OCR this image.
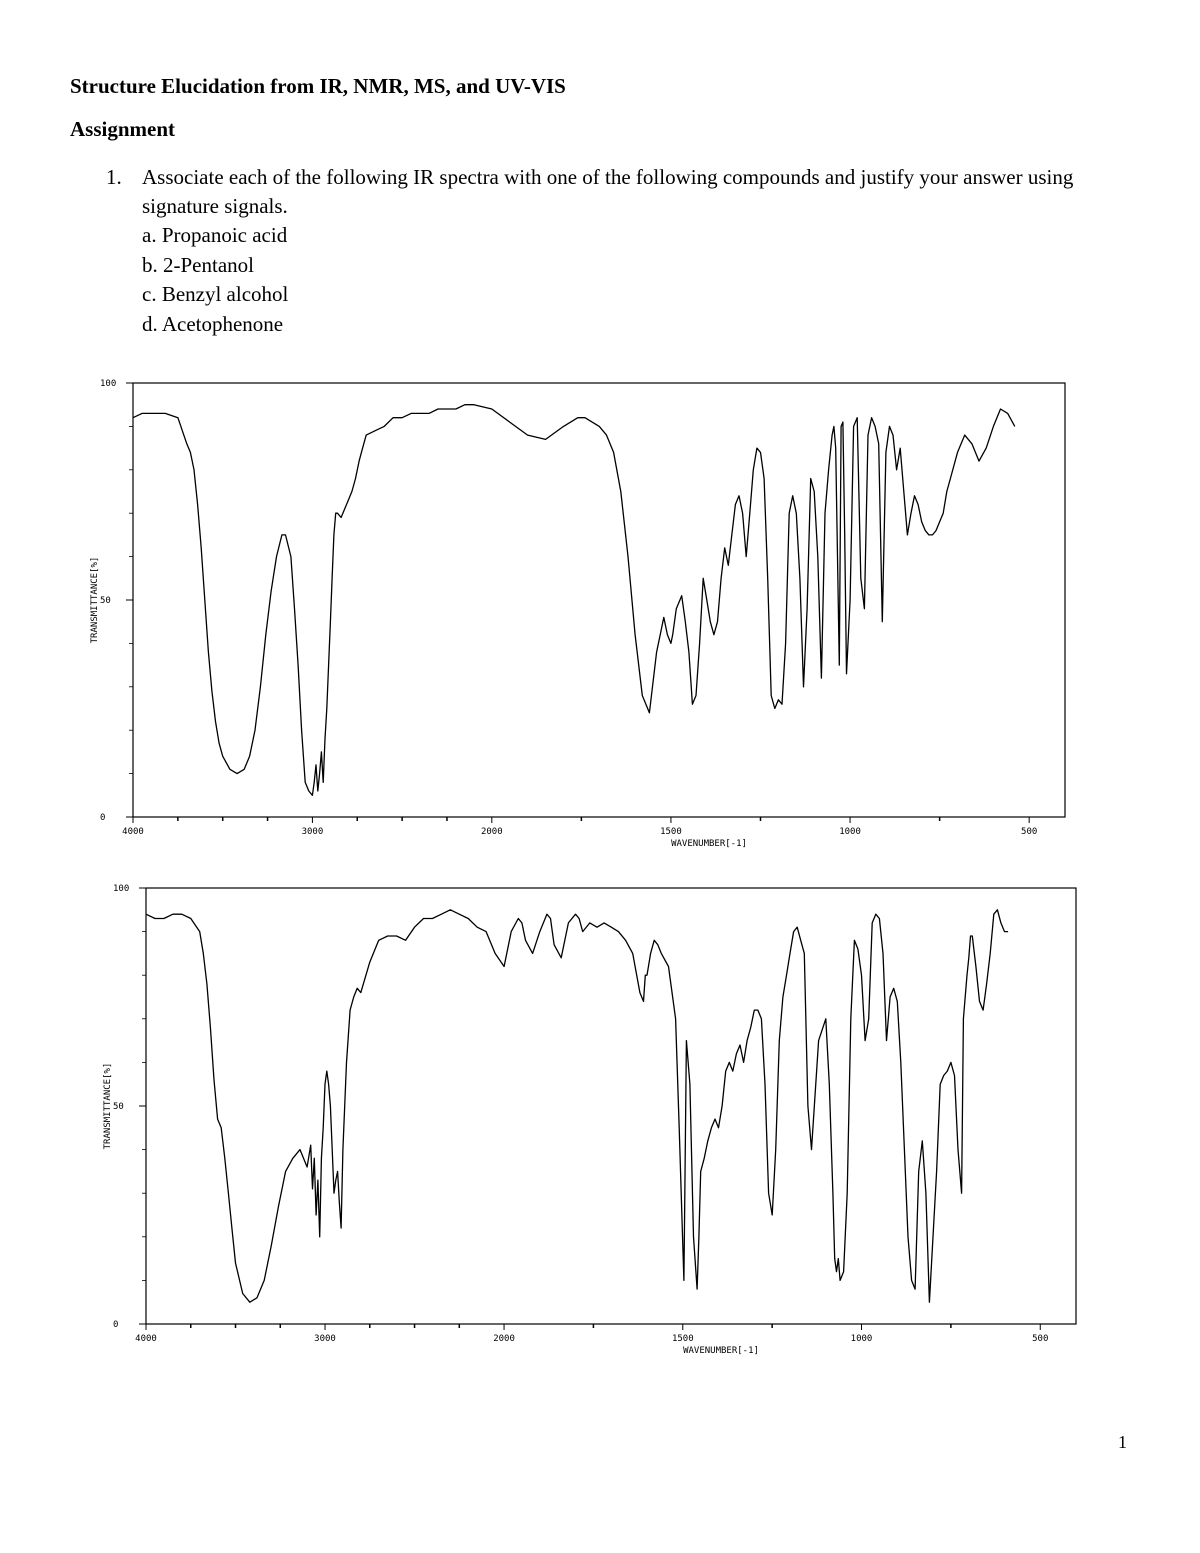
Structure Elucidation from IR, NMR, MS, and UV-VIS
Assignment
1. Associate each of the following IR spectra with one of the following compounds and justify your answer using signature signals.
a. Propanoic acid
b. 2-Pentanol
c. Benzyl alcohol
d. Acetophenone
4000	3000	2000	1500	1000	500
0
50
100
WAVENUMBER[-1]
TRANSMITTANCE[%]
4000	3000	2000	1500	1000	500
0
50
100
WAVENUMBER[-1]
TRANSMITTANCE[%]
1
